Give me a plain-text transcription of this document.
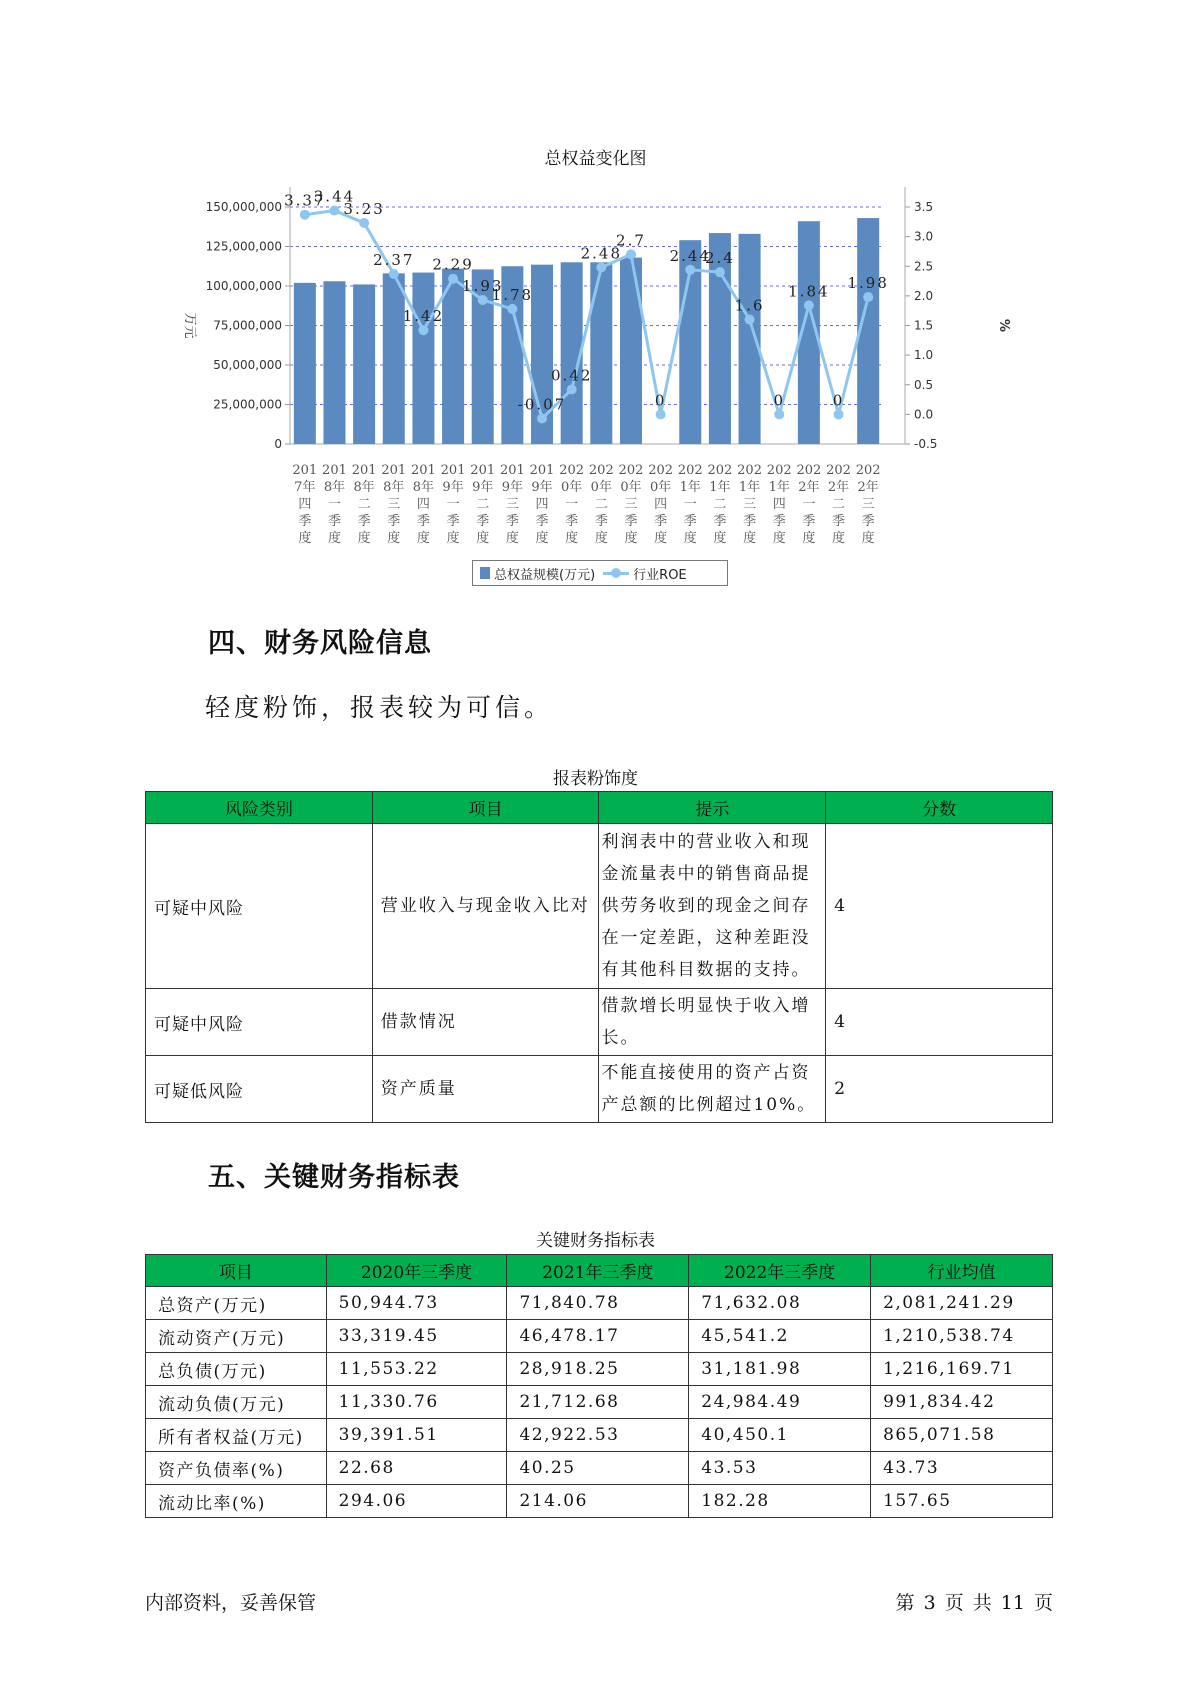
总权益变化图
0
25,000,000
50,000,000
75,000,000
100,000,000
125,000,000
150,000,000
-0.5
0.0
0.5
1.0
1.5
2.0
2.5
3.0
3.5
万元	%
201
7年
四
季
度
201
8年
一
季
度
201
8年
二
季
度
201
8年
三
季
度
201
8年
四
季
度
201
9年
一
季
度
201
9年
二
季
度
201
9年
三
季
度
201
9年
四
季
度
202
0年
一
季
度
202
0年
二
季
度
202
0年
三
季
度
202
0年
四
季
度
202
1年
一
季
度
202
1年
二
季
度
202
1年
三
季
度
202
1年
四
季
度
202
2年
一
季
度
202
2年
二
季
度
202
2年
三
季
度
3.37
3.44
3.23
2.37
1.42
2.29
1.93
1.78
-0.07
0.42
2.48
2.7
0
2.44
2.4
1.6
0
1.84
0
1.98
总权益规模(万元)	行业ROE
四、财务风险信息

轻度粉饰，报表较为可信。

报表粉饰度
风险类别	项目	提示	分数
可疑中风险	营业收入与现金收入比对	利润表中的营业收入和现金流量表中的销售商品提供劳务收到的现金之间存在一定差距，这种差距没有其他科目数据的支持。	4
可疑中风险	借款情况	借款增长明显快于收入增长。	4
可疑低风险	资产质量	不能直接使用的资产占资产总额的比例超过10%。	2
五、关键财务指标表
关键财务指标表
项目	2020年三季度	2021年三季度	2022年三季度	行业均值
总资产(万元)	50,944.73	71,840.78	71,632.08	2,081,241.29
流动资产(万元)	33,319.45	46,478.17	45,541.2	1,210,538.74
总负债(万元)	11,553.22	28,918.25	31,181.98	1,216,169.71
流动负债(万元)	11,330.76	21,712.68	24,984.49	991,834.42
所有者权益(万元)	39,391.51	42,922.53	40,450.1	865,071.58
资产负债率(%)	22.68	40.25	43.53	43.73
流动比率(%)	294.06	214.06	182.28	157.65
内部资料，妥善保管	第 3 页 共 11 页
